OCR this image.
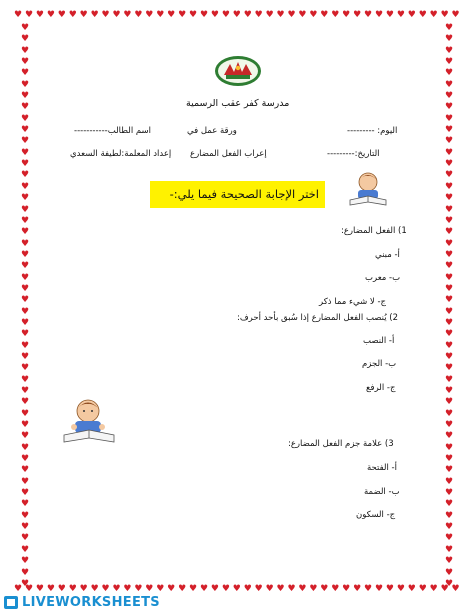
♥ ♥ ♥ ♥ ♥ ♥ ♥ ♥ ♥ ♥ ♥ ♥ ♥ ♥ ♥ ♥ ♥ ♥ ♥ ♥ ♥ ♥ ♥ ♥ ♥ ♥ ♥ ♥ ♥ ♥ ♥ ♥ ♥ ♥ ♥ ♥ ♥ ♥ ♥ ♥ ♥
♥ ♥ ♥ ♥ ♥ ♥ ♥ ♥ ♥ ♥ ♥ ♥ ♥ ♥ ♥ ♥ ♥ ♥ ♥ ♥ ♥ ♥ ♥ ♥ ♥ ♥ ♥ ♥ ♥ ♥ ♥ ♥ ♥ ♥ ♥ ♥ ♥ ♥ ♥ ♥ ♥
♥
♥
♥
♥
♥
♥
♥
♥
♥
♥
♥
♥
♥
♥
♥
♥
♥
♥
♥
♥
♥
♥
♥
♥
♥
♥
♥
♥
♥
♥
♥
♥
♥
♥
♥
♥
♥
♥
♥
♥
♥
♥
♥
♥
♥
♥
♥
♥
♥
♥
♥
♥
♥
♥
♥
♥
♥
♥
♥
♥
♥
♥
♥
♥
♥
♥
♥
♥
♥
♥
♥
♥
♥
♥
♥
♥
♥
♥
♥
♥
♥
♥
♥
♥
♥
♥
♥
♥
♥
♥
♥
♥
♥
♥
♥
♥
♥
♥
♥
♥
مدرسة كفر عقب الرسمية
اليوم: ---------
ورقة عمل في
اسم الطالب-----------
التاريخ:---------
إعراب الفعل المضارع
إعداد المعلمة:لطيفة السعدي
اختر الإجابة الصحيحة فيما يلي:-
1) الفعل المضارع:
أ- مبني
ب- معرب
ج- لا شيء مما ذكر
2) يُنصب الفعل المضارع إذا سُبق بأحد أحرف:
أ- النصب
ب- الجزم
ج- الرفع
3) علامة جزم الفعل المضارع:
أ- الفتحة
ب- الضمة
ج- السكون
LIVEWORKSHEETS
